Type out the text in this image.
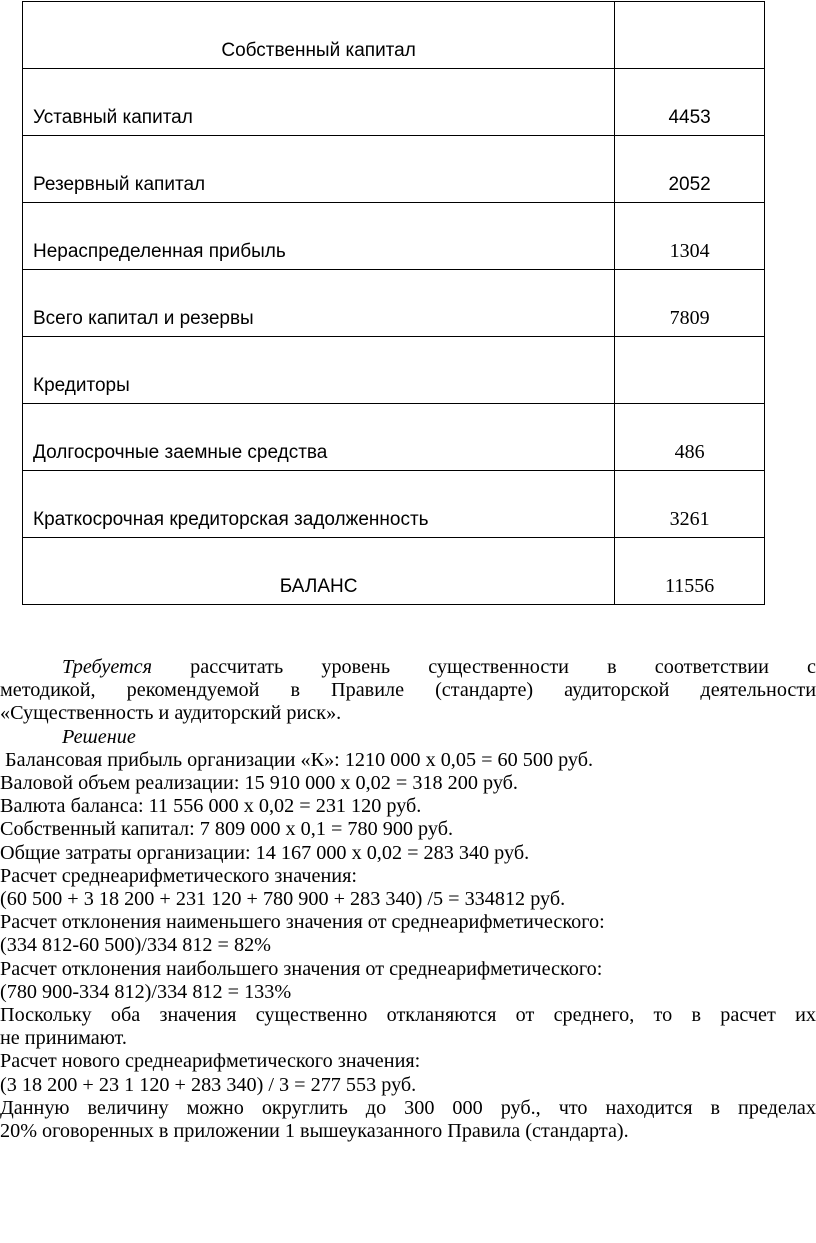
Собственный капитал	
Уставный капитал	4453
Резервный капитал	2052
Нераспределенная прибыль	1304
Всего капитал и резервы	7809
Кредиторы	
Долгосрочные заемные средства	486
Краткосрочная кредиторская задолженность	3261
БАЛАНС	11556

Требуется рассчитать уровень существенности в соответствии с

методикой, рекомендуемой в Правиле (стандарте) аудиторской деятельности

«Существенность и аудиторский риск».

Решение

Балансовая прибыль организации «К»: 1210 000 х 0,05 = 60 500 руб.

Валовой объем реализации: 15 910 000 х 0,02 = 318 200 руб.

Валюта баланса: 11 556 000 х 0,02 = 231 120 руб.

Собственный капитал: 7 809 000 х 0,1 = 780 900 руб.

Общие затраты организации: 14 167 000 х 0,02 = 283 340 руб.

Расчет среднеарифметического значения:

(60 500 + 3 18 200 + 231 120 + 780 900 + 283 340) /5 = 334812 руб.

Расчет отклонения наименьшего значения от среднеарифметического:

(334 812-60 500)/334 812 = 82%

Расчет отклонения наибольшего значения от среднеарифметического:

(780 900-334 812)/334 812 = 133%

Поскольку оба значения существенно откланяются от среднего, то в расчет их

не принимают.

Расчет нового среднеарифметического значения:

(3 18 200 + 23 1 120 + 283 340) / 3 = 277 553 руб.

Данную величину можно округлить до 300 000 руб., что находится в пределах

20% оговоренных в приложении 1 вышеуказанного Правила (стандарта).
